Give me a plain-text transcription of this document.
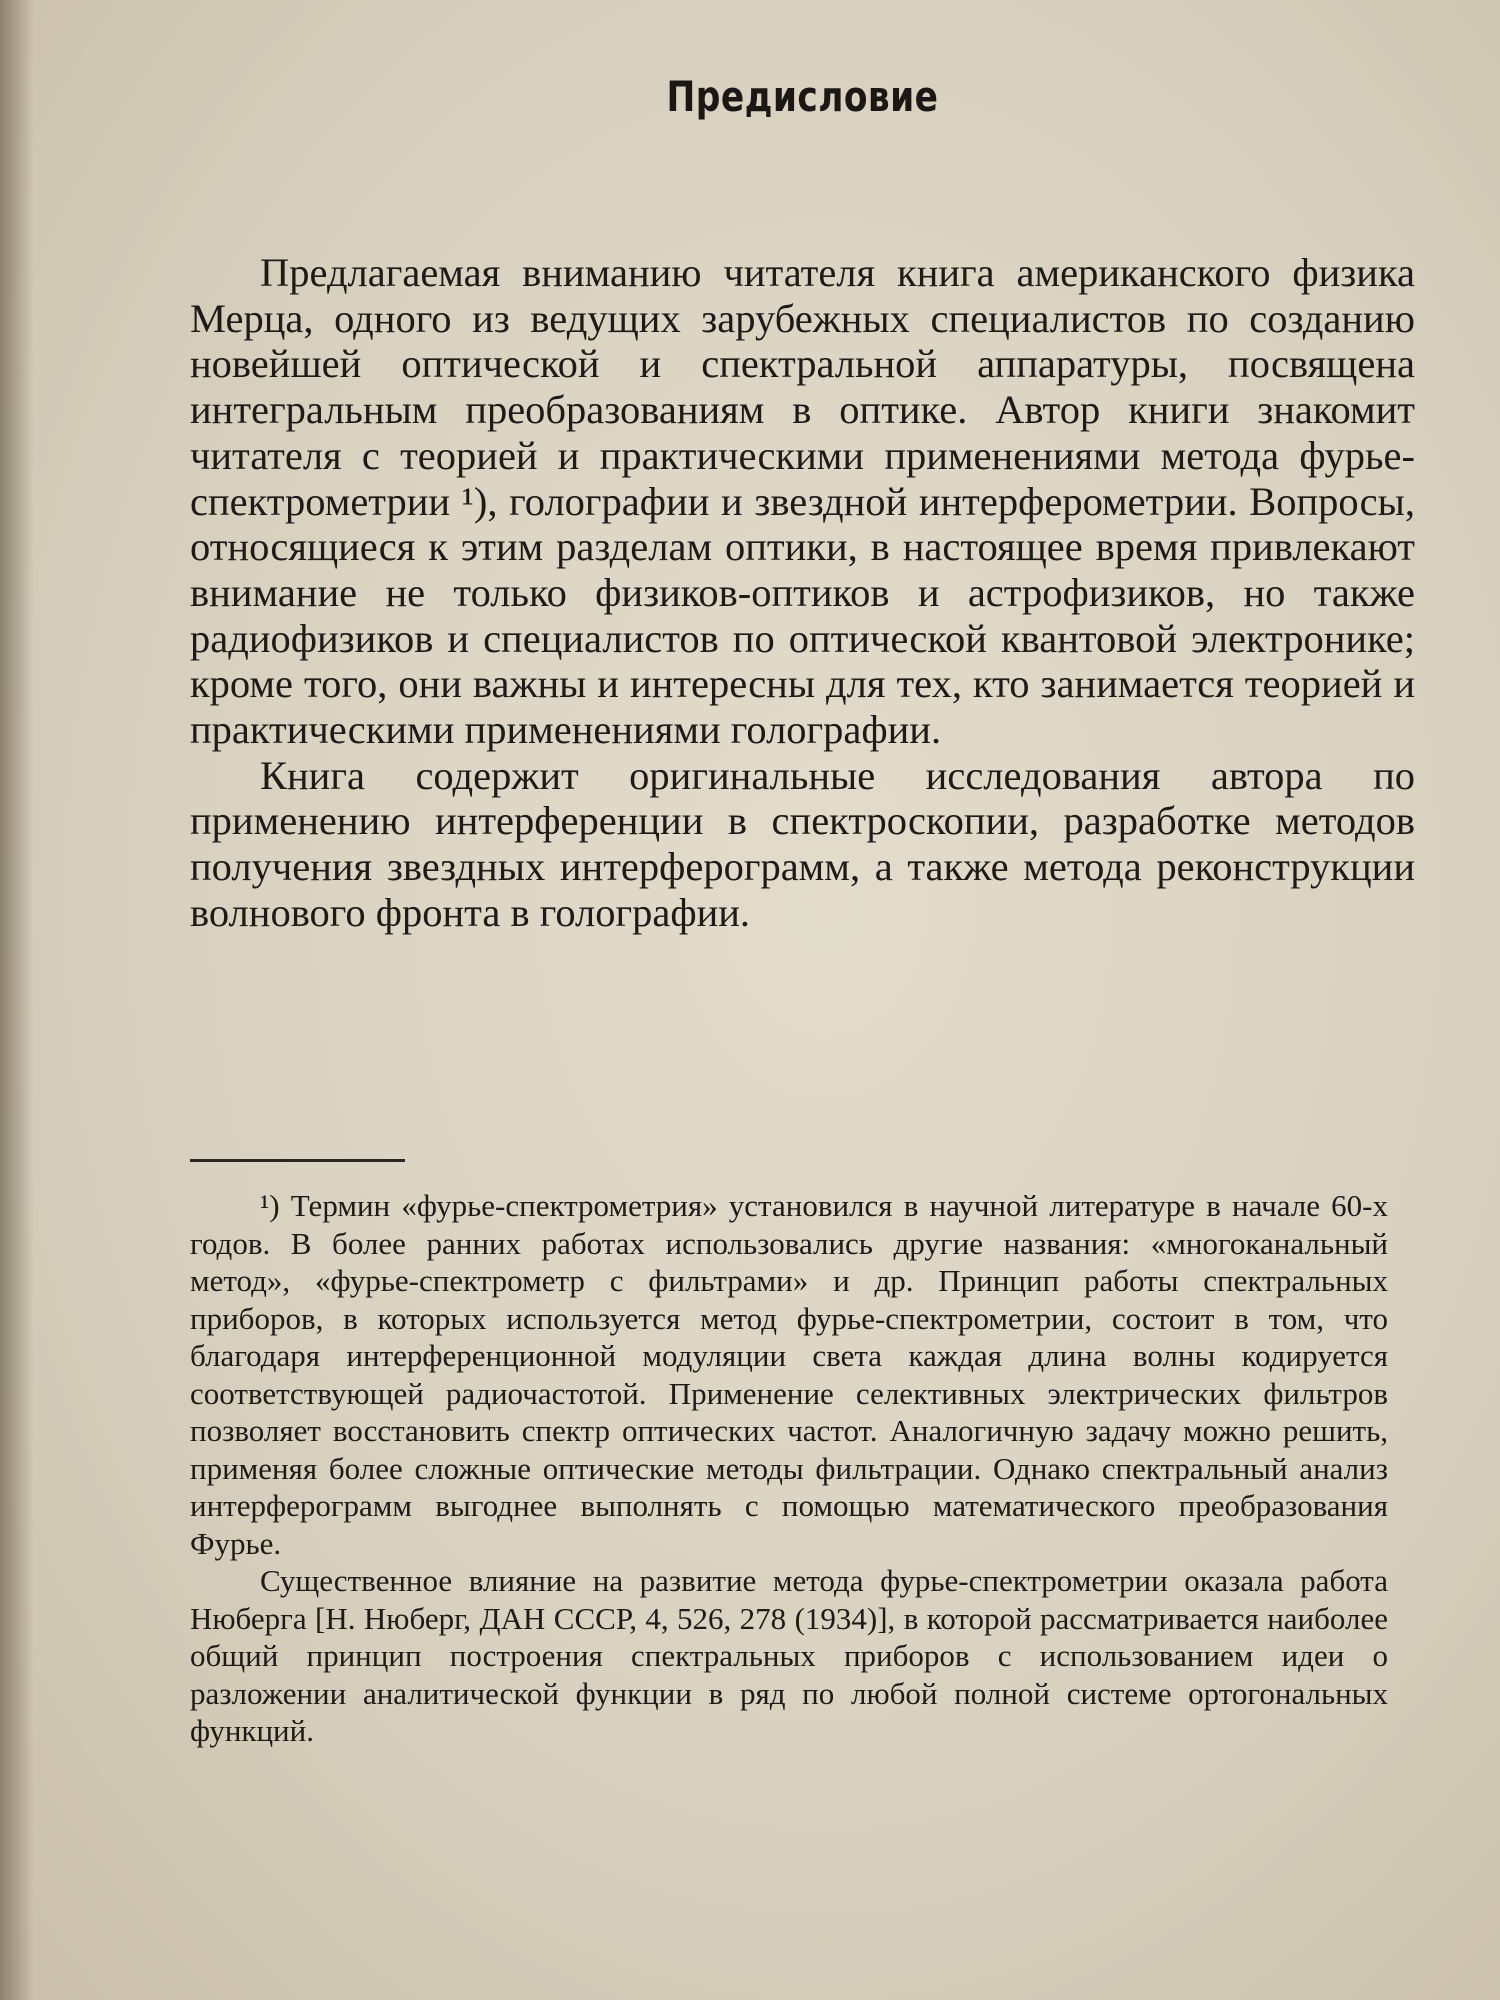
Предисловие

Предлагаемая вниманию читателя книга американского физика Мерца, одного из ведущих зарубежных специалистов по созданию новейшей оптической и спектральной аппаратуры, посвящена интегральным преобразованиям в оптике. Автор книги знакомит читателя с теорией и практическими применениями метода фурье-спектрометрии ¹), голографии и звездной интерферометрии. Вопросы, относящиеся к этим разделам оптики, в настоящее время привлекают внимание не только физиков-оптиков и астрофизиков, но также радиофизиков и специалистов по оптической квантовой электронике; кроме того, они важны и интересны для тех, кто занимается теорией и практическими применениями голографии.

Книга содержит оригинальные исследования автора по применению интерференции в спектроскопии, разработке методов получения звездных интерферограмм, а также метода реконструкции волнового фронта в голографии.

¹) Термин «фурье-спектрометрия» установился в научной литературе в начале 60-х годов. В более ранних работах использовались другие названия: «многоканальный метод», «фурье-спектрометр с фильтрами» и др. Принцип работы спектральных приборов, в которых используется метод фурье-спектрометрии, состоит в том, что благодаря интерференционной модуляции света каждая длина волны кодируется соответствующей радиочастотой. Применение селективных электрических фильтров позволяет восстановить спектр оптических частот. Аналогичную задачу можно решить, применяя более сложные оптические методы фильтрации. Однако спектральный анализ интерферограмм выгоднее выполнять с помощью математического преобразования Фурье.

Существенное влияние на развитие метода фурье-спектрометрии оказала работа Нюберга [Н. Нюберг, ДАН СССР, 4, 526, 278 (1934)], в которой рассматривается наиболее общий принцип построения спектральных приборов с использованием идеи о разложении аналитической функции в ряд по любой полной системе ортогональных функций.
